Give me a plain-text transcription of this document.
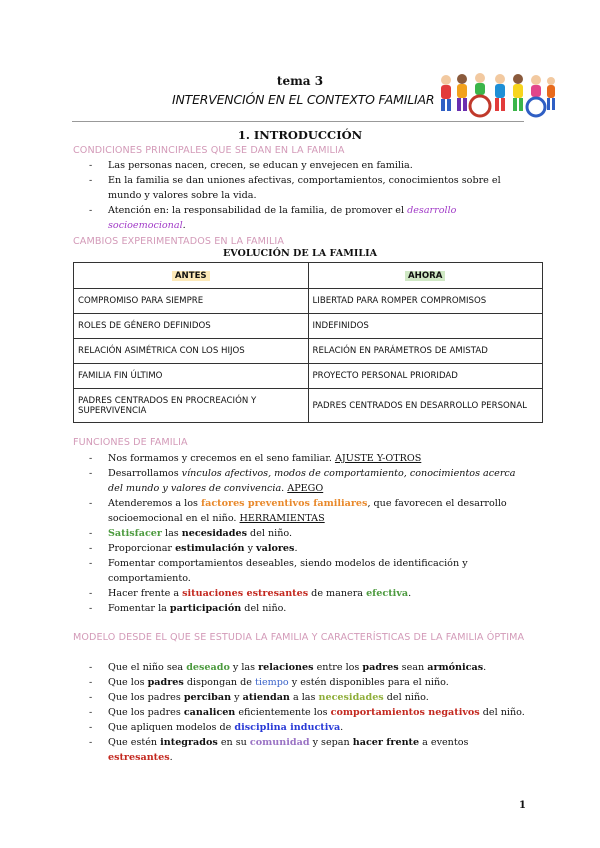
tema 3
INTERVENCIÓN EN EL CONTEXTO FAMILIAR
1. INTRODUCCIÓN
CONDICIONES PRINCIPALES QUE SE DAN EN LA FAMILIA
- Las personas nacen, crecen, se educan y envejecen en familia.
- En la familia se dan uniones afectivas, comportamientos, conocimientos sobre el mundo y valores sobre la vida.
- Atención en: la responsabilidad de la familia, de promover el desarrollo socioemocional.
CAMBIOS EXPERIMENTADOS EN LA FAMILIA
EVOLUCIÓN DE LA FAMILIA
ANTES	AHORA
COMPROMISO PARA SIEMPRE	LIBERTAD PARA ROMPER COMPROMISOS
ROLES DE GÉNERO DEFINIDOS	INDEFINIDOS
RELACIÓN ASIMÉTRICA CON LOS HIJOS	RELACIÓN EN PARÁMETROS DE AMISTAD
FAMILIA FIN ÚLTIMO	PROYECTO PERSONAL PRIORIDAD
PADRES CENTRADOS EN PROCREACIÓN Y SUPERVIVENCIA	PADRES CENTRADOS EN DESARROLLO PERSONAL
FUNCIONES DE FAMILIA
- Nos formamos y crecemos en el seno familiar. AJUSTE Y-OTROS
- Desarrollamos vínculos afectivos, modos de comportamiento, conocimientos acerca del mundo y valores de convivencia. APEGO
- Atenderemos a los factores preventivos familiares, que favorecen el desarrollo socioemocional en el niño. HERRAMIENTAS
- Satisfacer las necesidades del niño.
- Proporcionar estimulación y valores.
- Fomentar comportamientos deseables, siendo modelos de identificación y comportamiento.
- Hacer frente a situaciones estresantes de manera efectiva.
- Fomentar la participación del niño.
MODELO DESDE EL QUE SE ESTUDIA LA FAMILIA Y CARACTERÍSTICAS DE LA FAMILIA ÓPTIMA
- Que el niño sea deseado y las relaciones entre los padres sean armónicas.
- Que los padres dispongan de tiempo y estén disponibles para el niño.
- Que los padres perciban y atiendan a las necesidades del niño.
- Que los padres canalicen eficientemente los comportamientos negativos del niño.
- Que apliquen modelos de disciplina inductiva.
- Que estén integrados en su comunidad y sepan hacer frente a eventos estresantes.
1
